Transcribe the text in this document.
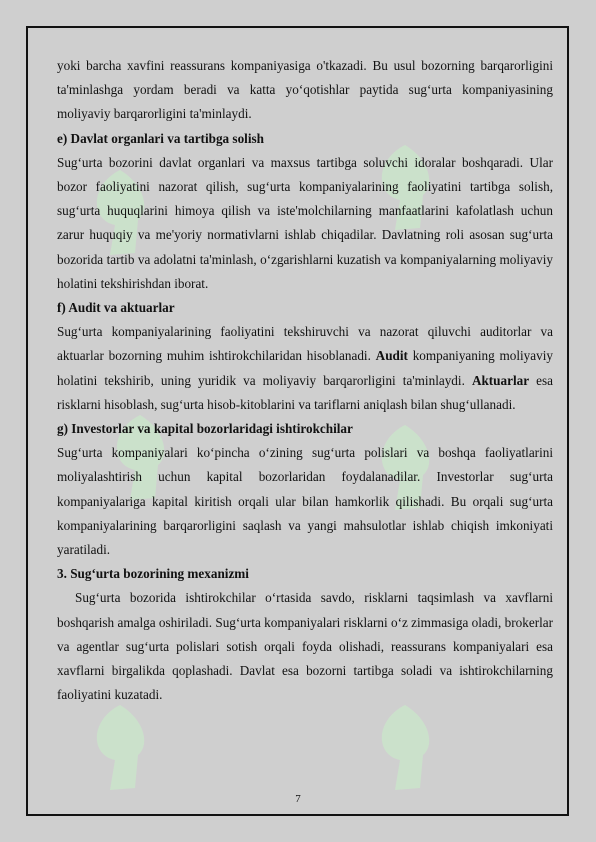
yoki barcha xavfini reassurans kompaniyasiga o'tkazadi. Bu usul bozorning barqarorligini ta'minlashga yordam beradi va katta yo‘qotishlar paytida sug‘urta kompaniyasining moliyaviy barqarorligini ta'minlaydi.

e) Davlat organlari va tartibga solish

Sug‘urta bozorini davlat organlari va maxsus tartibga soluvchi idoralar boshqaradi. Ular bozor faoliyatini nazorat qilish, sug‘urta kompaniyalarining faoliyatini tartibga solish, sug‘urta huquqlarini himoya qilish va iste'molchilarning manfaatlarini kafolatlash uchun zarur huquqiy va me'yoriy normativlarni ishlab chiqadilar. Davlatning roli asosan sug‘urta bozorida tartib va adolatni ta'minlash, o‘zgarishlarni kuzatish va kompaniyalarning moliyaviy holatini tekshirishdan iborat.

f) Audit va aktuarlar

Sug‘urta kompaniyalarining faoliyatini tekshiruvchi va nazorat qiluvchi auditorlar va aktuarlar bozorning muhim ishtirokchilaridan hisoblanadi. Audit kompaniyaning moliyaviy holatini tekshirib, uning yuridik va moliyaviy barqarorligini ta'minlaydi. Aktuarlar esa risklarni hisoblash, sug‘urta hisob-kitoblarini va tariflarni aniqlash bilan shug‘ullanadi.

g) Investorlar va kapital bozorlaridagi ishtirokchilar

Sug‘urta kompaniyalari ko‘pincha o‘zining sug‘urta polislari va boshqa faoliyatlarini moliyalashtirish uchun kapital bozorlaridan foydalanadilar. Investorlar sug‘urta kompaniyalariga kapital kiritish orqali ular bilan hamkorlik qilishadi. Bu orqali sug‘urta kompaniyalarining barqarorligini saqlash va yangi mahsulotlar ishlab chiqish imkoniyati yaratiladi.

3. Sug‘urta bozorining mexanizmi

Sug‘urta bozorida ishtirokchilar o‘rtasida savdo, risklarni taqsimlash va xavflarni boshqarish amalga oshiriladi. Sug‘urta kompaniyalari risklarni o‘z zimmasiga oladi, brokerlar va agentlar sug‘urta polislari sotish orqali foyda olishadi, reassurans kompaniyalari esa xavflarni birgalikda qoplashadi. Davlat esa bozorni tartibga soladi va ishtirokchilarning faoliyatini kuzatadi.

7
